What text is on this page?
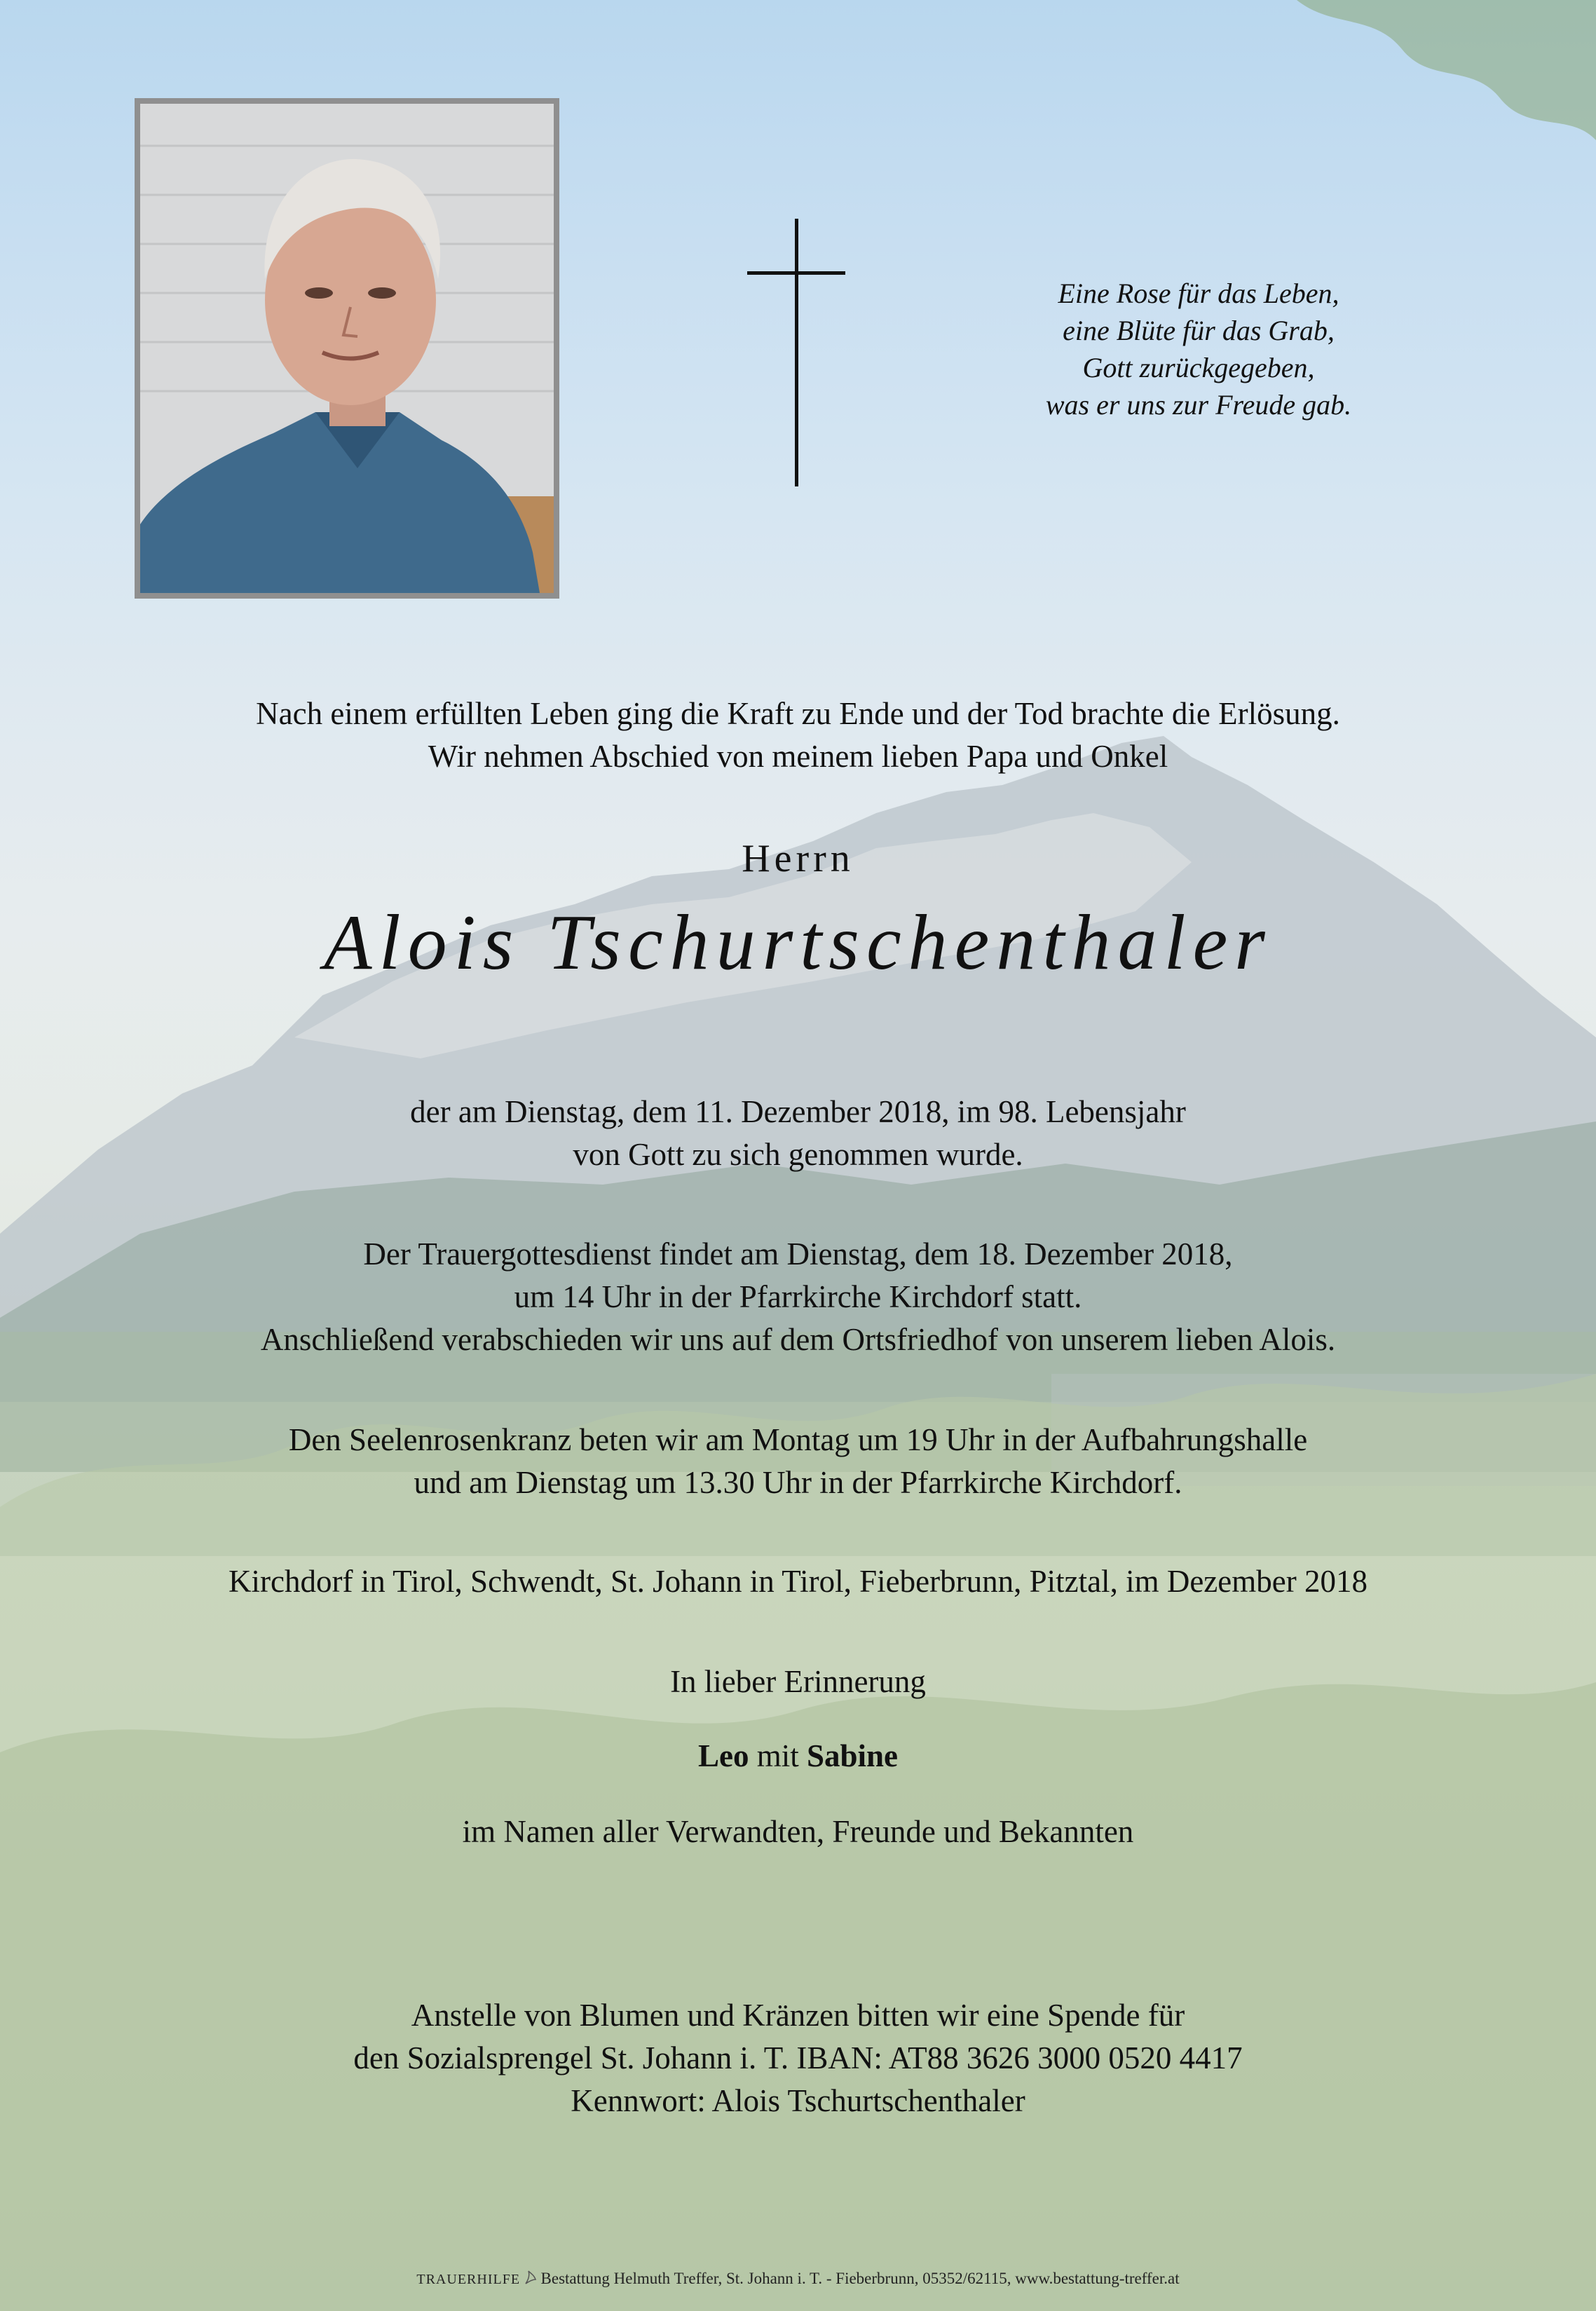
Eine Rose für das Leben,
eine Blüte für das Grab,
Gott zurückgegeben,
was er uns zur Freude gab.
Nach einem erfüllten Leben ging die Kraft zu Ende und der Tod brachte die Erlösung.
Wir nehmen Abschied von meinem lieben Papa und Onkel
Herrn
Alois Tschurtschenthaler
der am Dienstag, dem 11. Dezember 2018, im 98. Lebensjahr
von Gott zu sich genommen wurde.
Der Trauergottesdienst findet am Dienstag, dem 18. Dezember 2018,
um 14 Uhr in der Pfarrkirche Kirchdorf statt.
Anschließend verabschieden wir uns auf dem Ortsfriedhof von unserem lieben Alois.
Den Seelenrosenkranz beten wir am Montag um 19 Uhr in der Aufbahrungshalle
und am Dienstag um 13.30 Uhr in der Pfarrkirche Kirchdorf.
Kirchdorf in Tirol, Schwendt, St. Johann in Tirol, Fieberbrunn, Pitztal, im Dezember 2018
In lieber Erinnerung
Leo mit Sabine
im Namen aller Verwandten, Freunde und Bekannten
Anstelle von Blumen und Kränzen bitten wir eine Spende für
den Sozialsprengel St. Johann i. T. IBAN: AT88 3626 3000 0520 4417
Kennwort: Alois Tschurtschenthaler
TRAUERHILFE Bestattung Helmuth Treffer, St. Johann i. T. - Fieberbrunn, 05352/62115, www.bestattung-treffer.at
